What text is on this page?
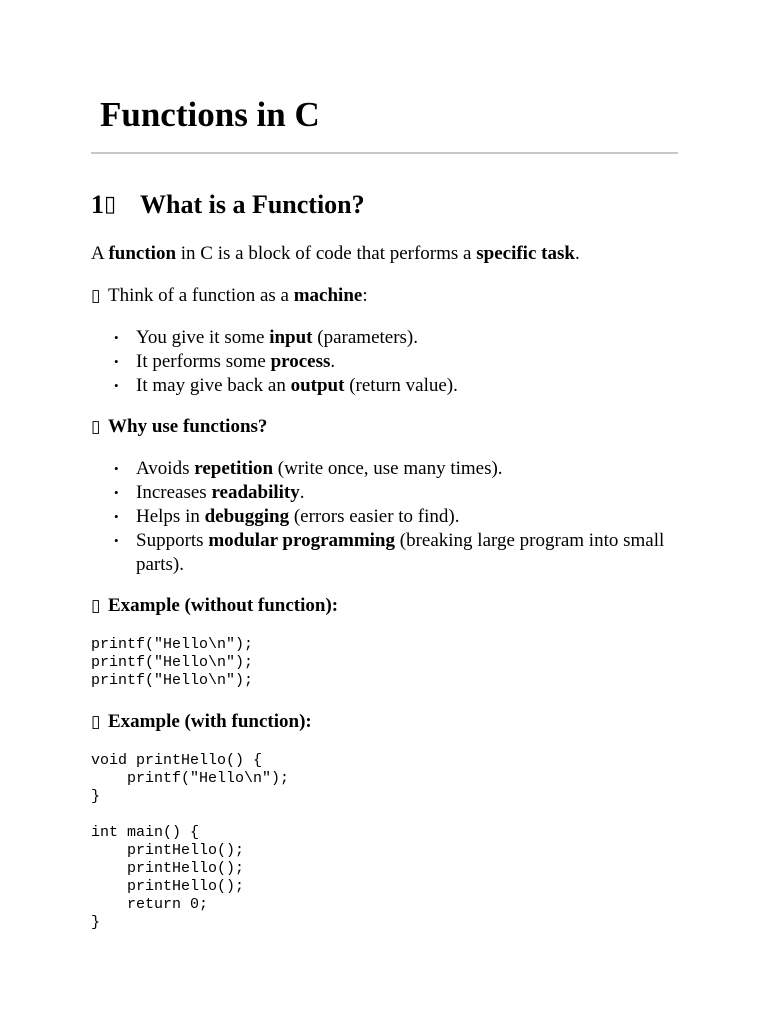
Functions in C
1 ▯ What is a Function?

A function in C is a block of code that performs a specific task.

▯ Think of a function as a machine:

• You give it some input (parameters).
• It performs some process.
• It may give back an output (return value).

▯ Why use functions?

• Avoids repetition (write once, use many times).
• Increases readability.
• Helps in debugging (errors easier to find).
• Supports modular programming (breaking large program into small parts).

▯ Example (without function):

printf("Hello\n");
printf("Hello\n");
printf("Hello\n");

▯ Example (with function):

void printHello() {
printf("Hello\n");
}

int main() {
printHello();
printHello();
printHello();
return 0;
}
